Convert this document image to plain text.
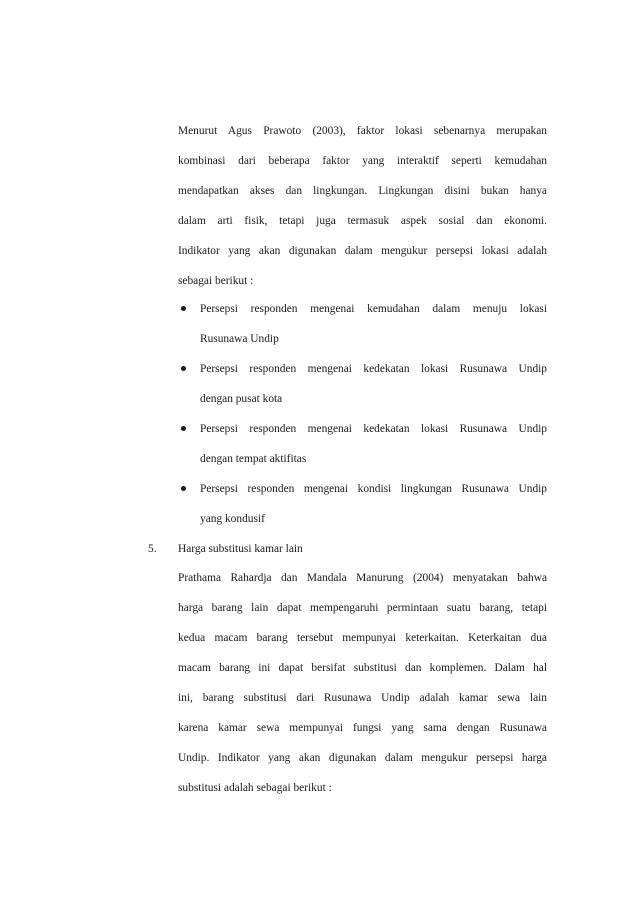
Menurut Agus Prawoto (2003), faktor lokasi sebenarnya merupakan
kombinasi dari beberapa faktor yang interaktif seperti kemudahan
mendapatkan akses dan lingkungan. Lingkungan disini bukan hanya
dalam arti fisik, tetapi juga termasuk aspek sosial dan ekonomi.
Indikator yang akan digunakan dalam mengukur persepsi lokasi adalah
sebagai berikut :
Persepsi responden mengenai kemudahan dalam menuju lokasi
Rusunawa Undip
Persepsi responden mengenai kedekatan lokasi Rusunawa Undip
dengan pusat kota
Persepsi responden mengenai kedekatan lokasi Rusunawa Undip
dengan tempat aktifitas
Persepsi responden mengenai kondisi lingkungan Rusunawa Undip
yang kondusif
5. Harga substitusi kamar lain
Prathama Rahardja dan Mandala Manurung (2004) menyatakan bahwa
harga barang lain dapat mempengaruhi permintaan suatu barang, tetapi
kedua macam barang tersebut mempunyai keterkaitan. Keterkaitan dua
macam barang ini dapat bersifat substitusi dan komplemen. Dalam hal
ini, barang substitusi dari Rusunawa Undip adalah kamar sewa lain
karena kamar sewa mempunyai fungsi yang sama dengan Rusunawa
Undip. Indikator yang akan digunakan dalam mengukur persepsi harga
substitusi adalah sebagai berikut :
